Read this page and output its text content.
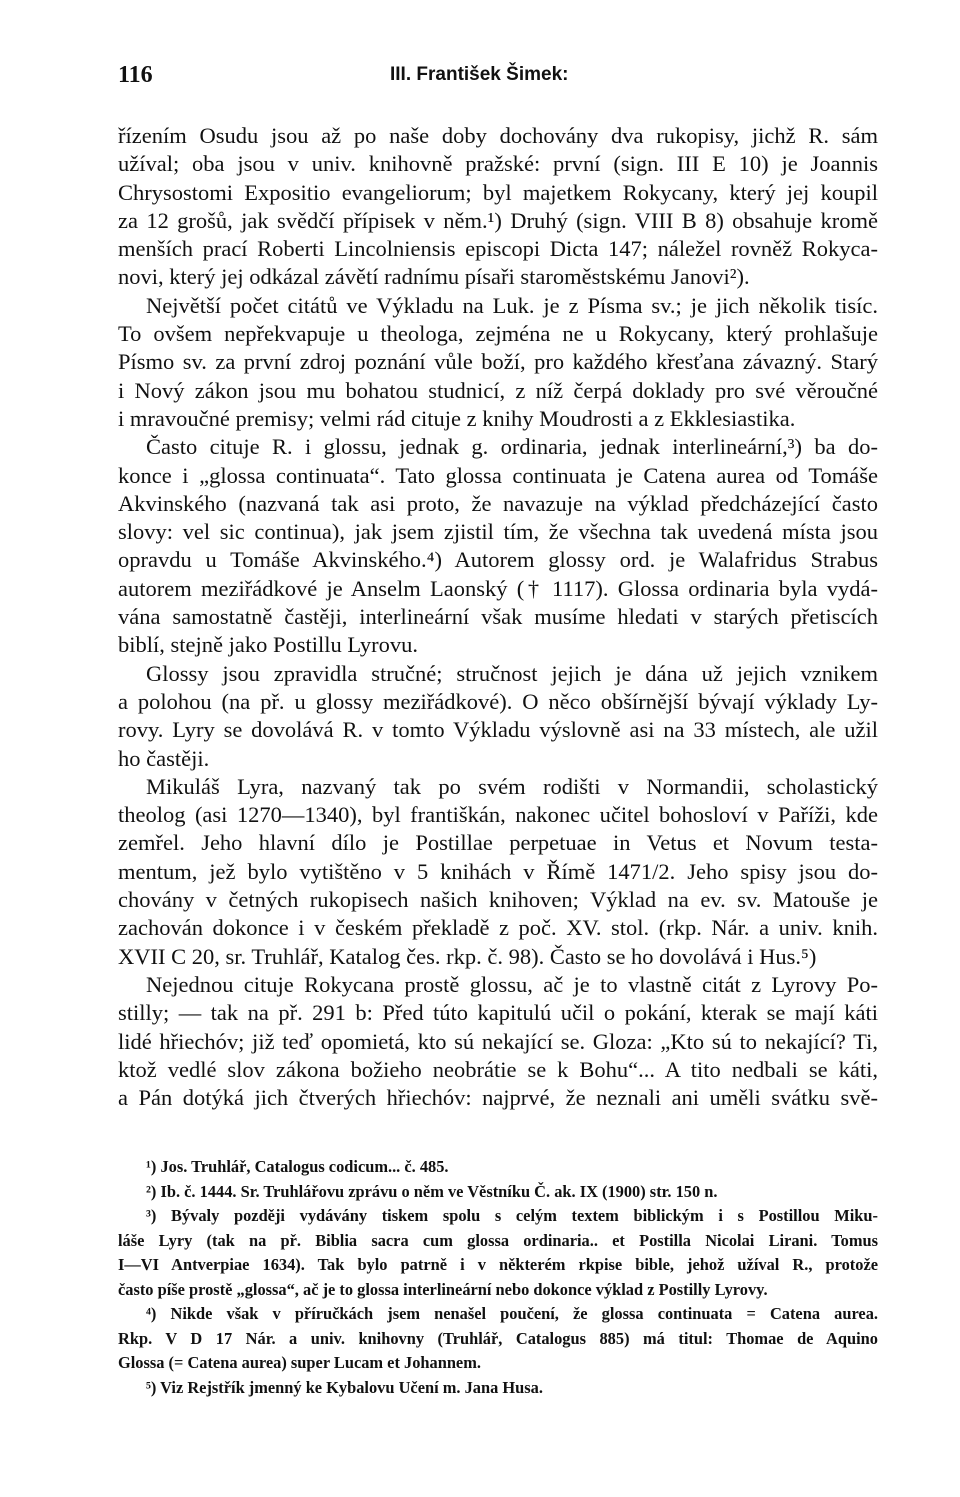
116	III. František Šimek:
řízením Osudu jsou až po naše doby dochovány dva rukopisy, jichž R. sám
užíval; oba jsou v univ. knihovně pražské: první (sign. III E 10) je Joannis
Chrysostomi Expositio evangeliorum; byl majetkem Rokycany, který jej koupil
za 12 grošů, jak svědčí přípisek v něm.¹) Druhý (sign. VIII B 8) obsahuje kromě
menších prací Roberti Lincolniensis episcopi Dicta 147; náležel rovněž Rokyca-
novi, který jej odkázal závětí radnímu písaři staroměstskému Janovi²).
Největší počet citátů ve Výkladu na Luk. je z Písma sv.; je jich několik tisíc.
To ovšem nepřekvapuje u theologa, zejména ne u Rokycany, který prohlašuje
Písmo sv. za první zdroj poznání vůle boží, pro každého křesťana závazný. Starý
i Nový zákon jsou mu bohatou studnicí, z níž čerpá doklady pro své věroučné
i mravoučné premisy; velmi rád cituje z knihy Moudrosti a z Ekklesiastika.
Často cituje R. i glossu, jednak g. ordinaria, jednak interlineární,³) ba do-
konce i „glossa continuata“. Tato glossa continuata je Catena aurea od Tomáše
Akvinského (nazvaná tak asi proto, že navazuje na výklad předcházející často
slovy: vel sic continua), jak jsem zjistil tím, že všechna tak uvedená místa jsou
opravdu u Tomáše Akvinského.⁴) Autorem glossy ord. je Walafridus Strabus
autorem meziřádkové je Anselm Laonský († 1117). Glossa ordinaria byla vydá-
vána samostatně častěji, interlineární však musíme hledati v starých přetiscích
biblí, stejně jako Postillu Lyrovu.
Glossy jsou zpravidla stručné; stručnost jejich je dána už jejich vznikem
a polohou (na př. u glossy meziřádkové). O něco obšírnější bývají výklady Ly-
rovy. Lyry se dovolává R. v tomto Výkladu výslovně asi na 33 místech, ale užil
ho častěji.
Mikuláš Lyra, nazvaný tak po svém rodišti v Normandii, scholastický
theolog (asi 1270—1340), byl františkán, nakonec učitel bohosloví v Paříži, kde
zemřel. Jeho hlavní dílo je Postillae perpetuae in Vetus et Novum testa-
mentum, jež bylo vytištěno v 5 knihách v Římě 1471/2. Jeho spisy jsou do-
chovány v četných rukopisech našich knihoven; Výklad na ev. sv. Matouše je
zachován dokonce i v českém překladě z poč. XV. stol. (rkp. Nár. a univ. knih.
XVII C 20, sr. Truhlář, Katalog čes. rkp. č. 98). Často se ho dovolává i Hus.⁵)
Nejednou cituje Rokycana prostě glossu, ač je to vlastně citát z Lyrovy Po-
stilly; — tak na př. 291 b: Před túto kapitulú učil o pokání, kterak se mají káti
lidé hřiechóv; již teď opomietá, kto sú nekající se. Gloza: „Kto sú to nekající? Ti,
ktož vedlé slov zákona božieho neobrátie se k Bohu“... A tito nedbali se káti,
a Pán dotýká jich čtverých hřiechóv: najprvé, že neznali ani uměli svátku svě-
¹) Jos. Truhlář, Catalogus codicum... č. 485.
²) Ib. č. 1444. Sr. Truhlářovu zprávu o něm ve Věstníku Č. ak. IX (1900) str. 150 n.
³) Bývaly později vydávány tiskem spolu s celým textem biblickým i s Postillou Miku-
láše Lyry (tak na př. Biblia sacra cum glossa ordinaria.. et Postilla Nicolai Lirani. Tomus
I—VI Antverpiae 1634). Tak bylo patrně i v některém rkpise bible, jehož užíval R., protože
často píše prostě „glossa“, ač je to glossa interlineární nebo dokonce výklad z Postilly Lyrovy.
⁴) Nikde však v příručkách jsem nenašel poučení, že glossa continuata = Catena aurea.
Rkp. V D 17 Nár. a univ. knihovny (Truhlář, Catalogus 885) má titul: Thomae de Aquino
Glossa (= Catena aurea) super Lucam et Johannem.
⁵) Viz Rejstřík jmenný ke Kybalovu Učení m. Jana Husa.
